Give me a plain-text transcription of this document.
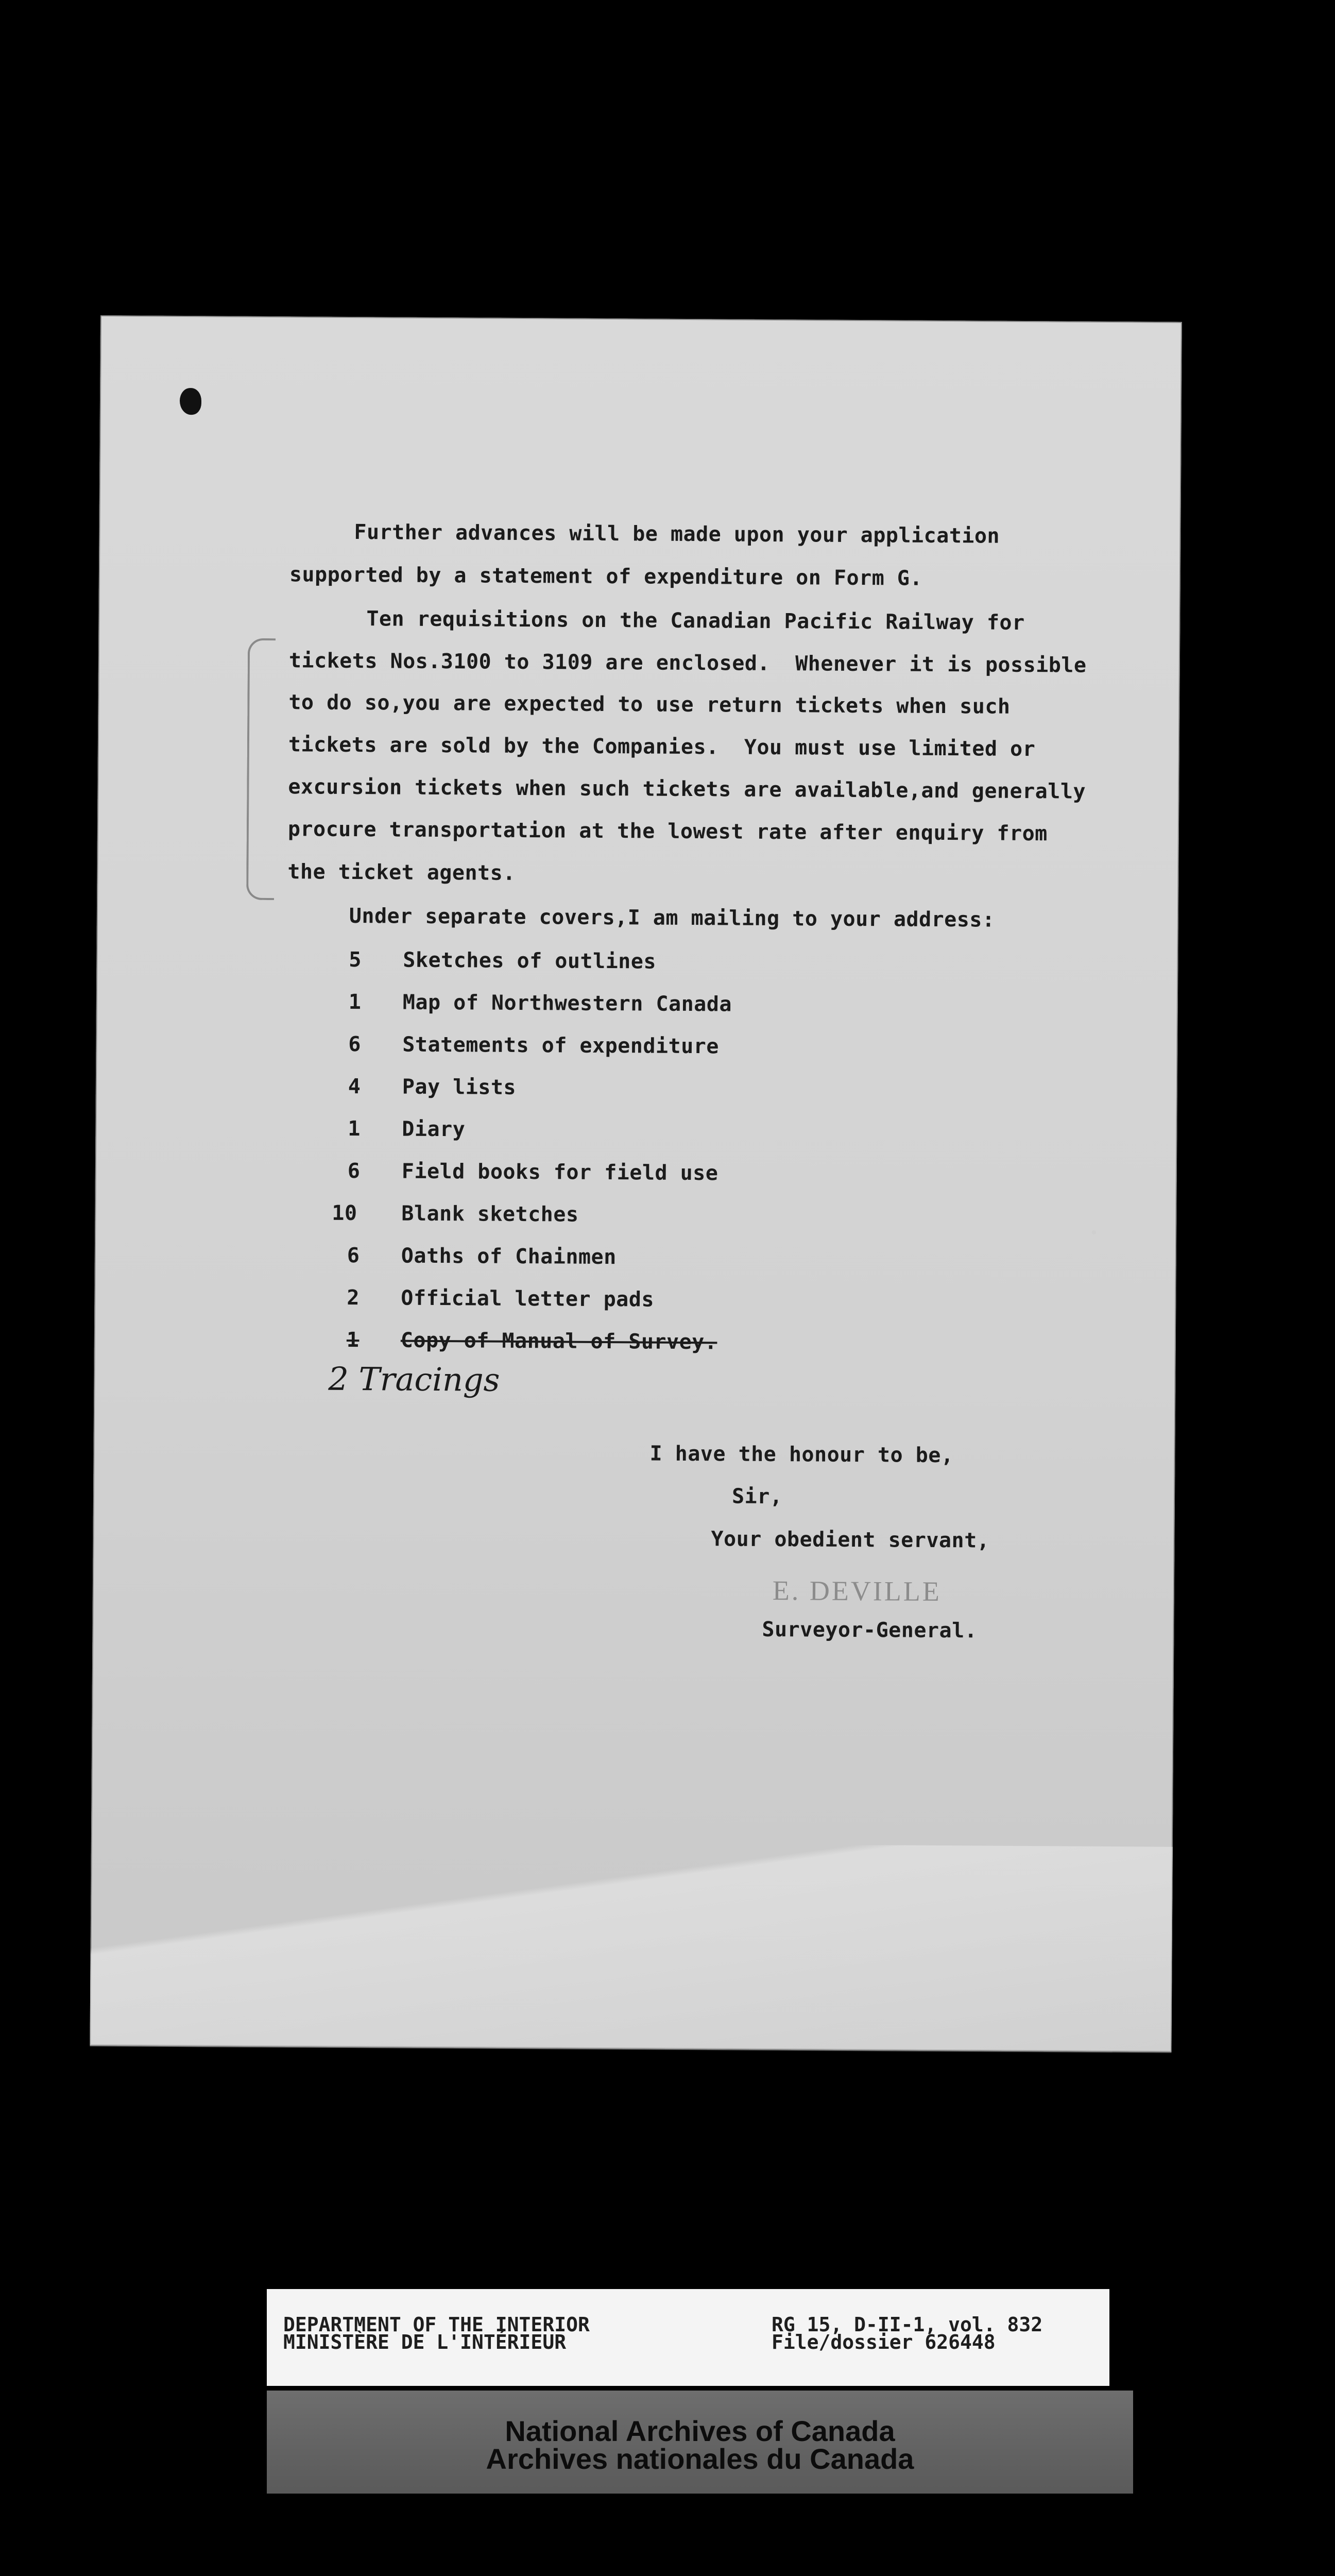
Further advances will be made upon your application
supported by a statement of expenditure on Form G.
Ten requisitions on the Canadian Pacific Railway for
tickets Nos.3100 to 3109 are enclosed.  Whenever it is possible
to do so,you are expected to use return tickets when such
tickets are sold by the Companies.  You must use limited or
excursion tickets when such tickets are available,and generally
procure transportation at the lowest rate after enquiry from
the ticket agents.
Under separate covers,I am mailing to your address:
5 Sketches of outlines
1 Map of Northwestern Canada
6 Statements of expenditure
4 Pay lists
1 Diary
6 Field books for field use
10 Blank sketches
6 Oaths of Chainmen
2 Official letter pads
1 Copy of Manual of Survey.
2 Tracings
I have the honour to be,
Sir,
Your obedient servant,
E. DEVILLE
Surveyor-General.
DEPARTMENT OF THE INTERIOR
MINISTÈRE DE L'INTÉRIEUR
RG 15, D-II-1, vol. 832
File/dossier 626448
National Archives of Canada
Archives nationales du Canada
